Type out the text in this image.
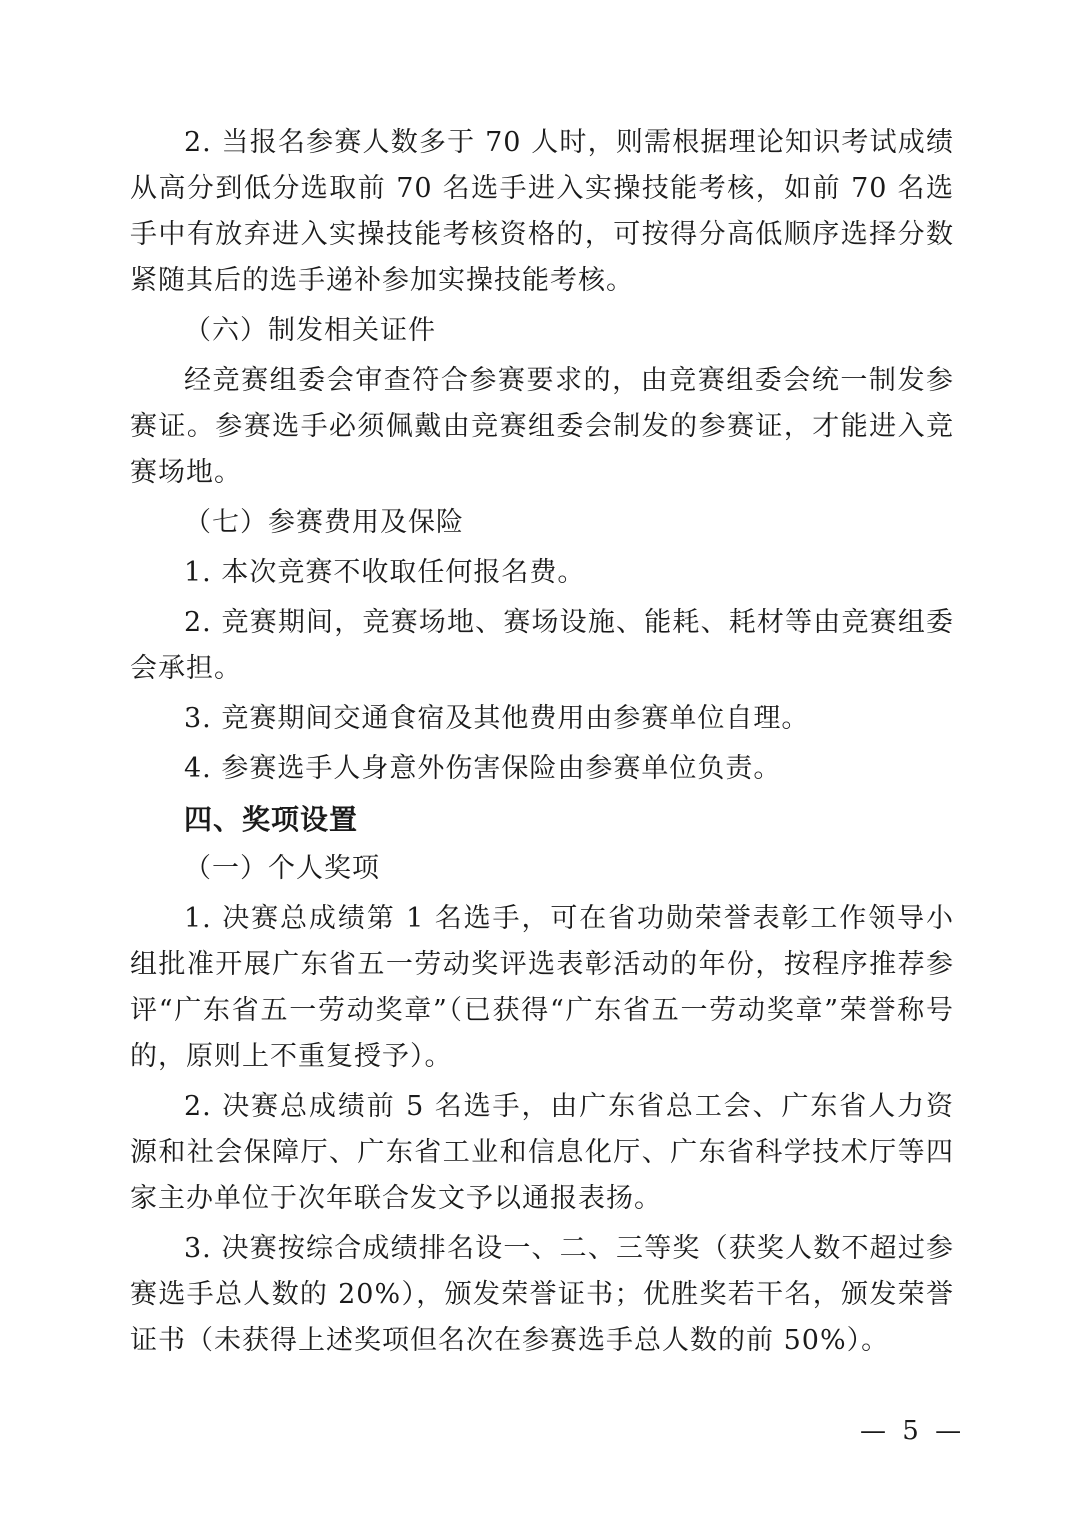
2. 当报名参赛人数多于 70 人时，则需根据理论知识考试成绩从高分到低分选取前 70 名选手进入实操技能考核，如前 70 名选手中有放弃进入实操技能考核资格的，可按得分高低顺序选择分数紧随其后的选手递补参加实操技能考核。

（六）制发相关证件

经竞赛组委会审查符合参赛要求的，由竞赛组委会统一制发参赛证。参赛选手必须佩戴由竞赛组委会制发的参赛证，才能进入竞赛场地。

（七）参赛费用及保险

1. 本次竞赛不收取任何报名费。

2. 竞赛期间，竞赛场地、赛场设施、能耗、耗材等由竞赛组委会承担。

3. 竞赛期间交通食宿及其他费用由参赛单位自理。

4. 参赛选手人身意外伤害保险由参赛单位负责。

四、奖项设置

（一）个人奖项

1. 决赛总成绩第 1 名选手，可在省功勋荣誉表彰工作领导小组批准开展广东省五一劳动奖评选表彰活动的年份，按程序推荐参评“广东省五一劳动奖章”（已获得“广东省五一劳动奖章”荣誉称号的，原则上不重复授予）。

2. 决赛总成绩前 5 名选手，由广东省总工会、广东省人力资源和社会保障厅、广东省工业和信息化厅、广东省科学技术厅等四家主办单位于次年联合发文予以通报表扬。

3. 决赛按综合成绩排名设一、二、三等奖（获奖人数不超过参赛选手总人数的 20%），颁发荣誉证书；优胜奖若干名，颁发荣誉证书（未获得上述奖项但名次在参赛选手总人数的前 50%）。

— 5 —
